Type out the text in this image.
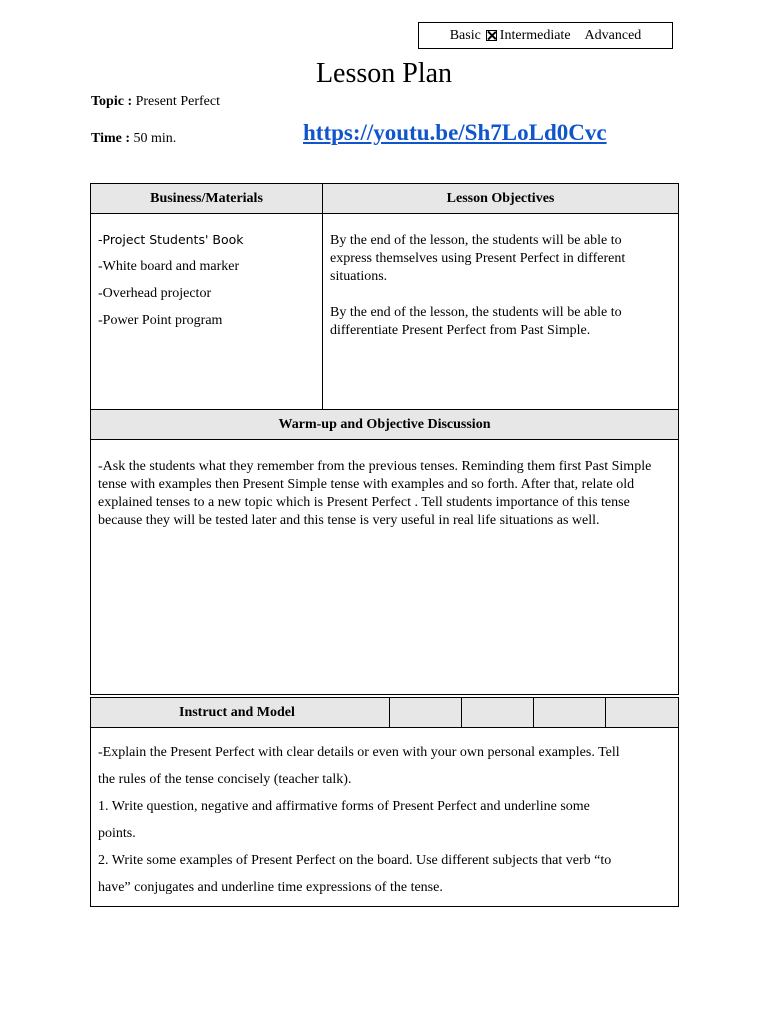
Basic Intermediate Advanced
Lesson Plan
Topic : Present Perfect
Time : 50 min.	https://youtu.be/Sh7LoLd0Cvc
Business/Materials	Lesson Objectives
-Project Students' Book
-White board and marker
-Overhead projector
-Power Point program
By the end of the lesson, the students will be able to express themselves using Present Perfect in different situations.
By the end of the lesson, the students will be able to differentiate Present Perfect from Past Simple.
Warm-up and Objective Discussion
-Ask the students what they remember from the previous tenses. Reminding them first Past Simple tense with examples then Present Simple tense with examples and so forth. After that, relate old explained tenses to a new topic which is Present Perfect . Tell students importance of this tense because they will be tested later and this tense is very useful in real life situations as well.
Instruct and Model
-Explain the Present Perfect with clear details or even with your own personal examples. Tell
the rules of the tense concisely (teacher talk).
1. Write question, negative and affirmative forms of Present Perfect and underline some
points.
2. Write some examples of Present Perfect on the board. Use different subjects that verb “to
have” conjugates and underline time expressions of the tense.
